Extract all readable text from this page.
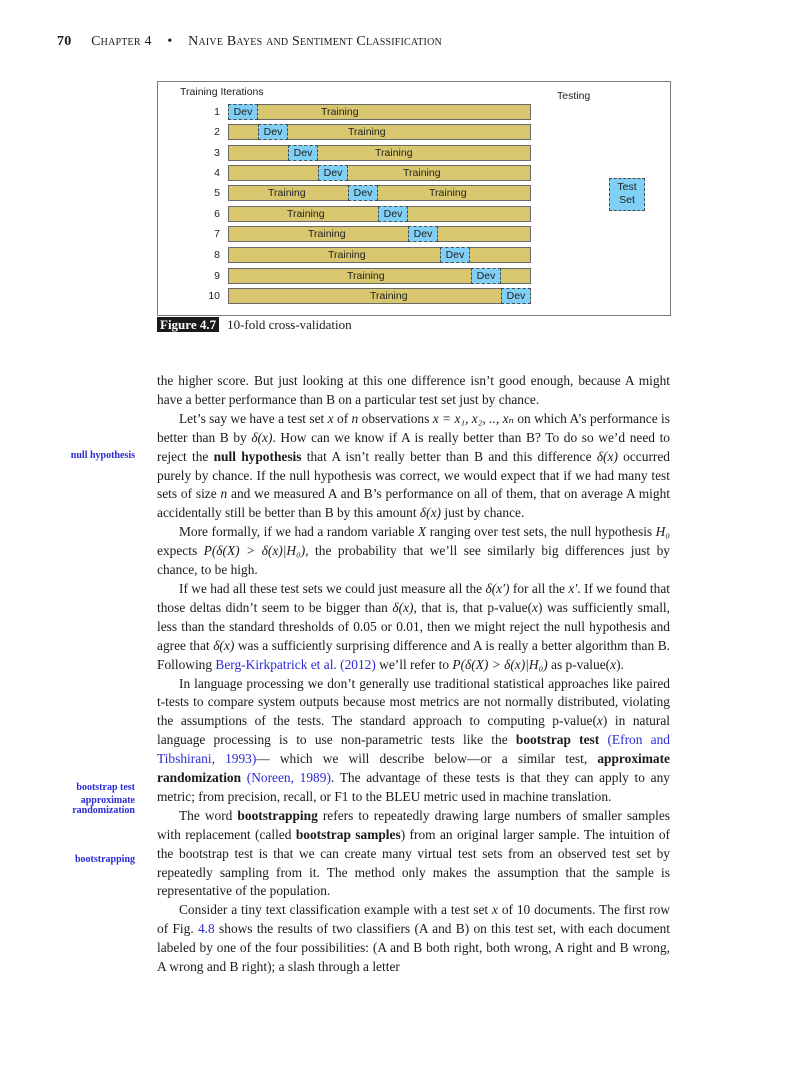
70 Chapter 4 • Naive Bayes and Sentiment Classification
Training Iterations	Testing
1
2
3
4
5
6
7
8
9
10
Training
Training
Training
Training
Training	Training
Training
Training
Training
Training
Training
Dev
Dev
Dev
Dev
Dev
Dev
Dev
Dev
Dev
Dev
Test
Set
Figure 4.7 10-fold cross-validation
null hypothesis
bootstrap test
approximate randomization
bootstrapping

the higher score. But just looking at this one difference isn’t good enough, because A might have a better performance than B on a particular test set just by chance.

Let’s say we have a test set x of n observations x = x₁, x₂, .., xₙ on which A’s performance is better than B by δ(x). How can we know if A is really better than B? To do so we’d need to reject the null hypothesis that A isn’t really better than B and this difference δ(x) occurred purely by chance. If the null hypothesis was correct, we would expect that if we had many test sets of size n and we measured A and B’s performance on all of them, that on average A might accidentally still be better than B by this amount δ(x) just by chance.

More formally, if we had a random variable X ranging over test sets, the null hypothesis H₀ expects P(δ(X) > δ(x)|H₀), the probability that we’ll see similarly big differences just by chance, to be high.

If we had all these test sets we could just measure all the δ(x′) for all the x′. If we found that those deltas didn’t seem to be bigger than δ(x), that is, that p-value(x) was sufficiently small, less than the standard thresholds of 0.05 or 0.01, then we might reject the null hypothesis and agree that δ(x) was a sufficiently surprising difference and A is really a better algorithm than B. Following Berg-Kirkpatrick et al. (2012) we’ll refer to P(δ(X) > δ(x)|H₀) as p-value(x).

In language processing we don’t generally use traditional statistical approaches like paired t-tests to compare system outputs because most metrics are not normally distributed, violating the assumptions of the tests. The standard approach to computing p-value(x) in natural language processing is to use non-parametric tests like the bootstrap test (Efron and Tibshirani, 1993)— which we will describe below—or a similar test, approximate randomization (Noreen, 1989). The advantage of these tests is that they can apply to any metric; from precision, recall, or F1 to the BLEU metric used in machine translation.

The word bootstrapping refers to repeatedly drawing large numbers of smaller samples with replacement (called bootstrap samples) from an original larger sample. The intuition of the bootstrap test is that we can create many virtual test sets from an observed test set by repeatedly sampling from it. The method only makes the assumption that the sample is representative of the population.

Consider a tiny text classification example with a test set x of 10 documents. The first row of Fig. 4.8 shows the results of two classifiers (A and B) on this test set, with each document labeled by one of the four possibilities: (A and B both right, both wrong, A right and B wrong, A wrong and B right); a slash through a letter
